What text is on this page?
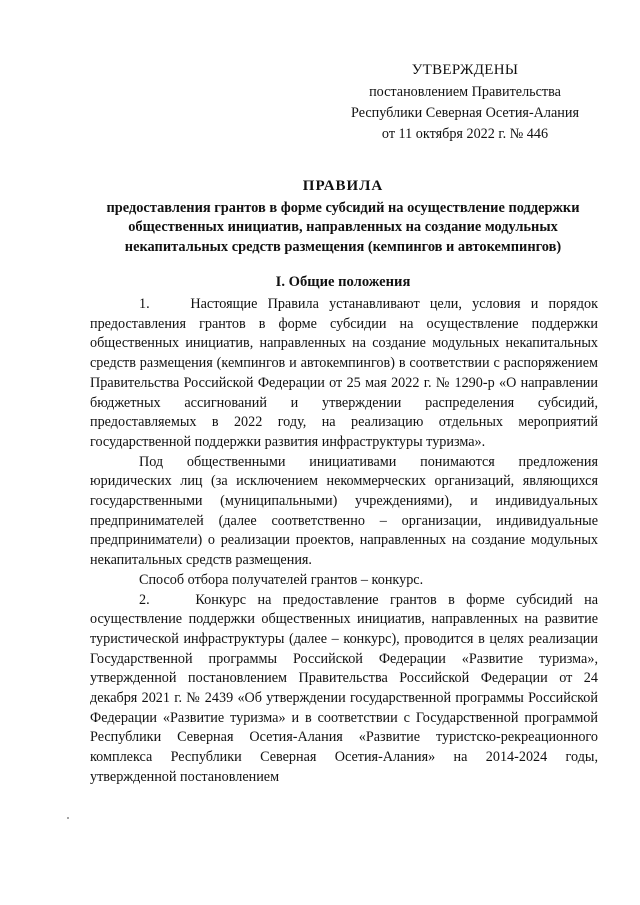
УТВЕРЖДЕНЫ
постановлением Правительства
Республики Северная Осетия-Алания
от 11 октября 2022 г. № 446
ПРАВИЛА
предоставления грантов в форме субсидий на осуществление поддержки общественных инициатив, направленных на создание модульных некапитальных средств размещения (кемпингов и автокемпингов)
I. Общие положения

1.    Настоящие Правила устанавливают цели, условия и порядок предоставления грантов в форме субсидии на осуществление поддержки общественных инициатив, направленных на создание модульных некапитальных средств размещения (кемпингов и автокемпингов) в соответствии с распоряжением Правительства Российской Федерации от 25 мая 2022 г. № 1290-р «О направлении бюджетных ассигнований и утверждении распределения субсидий, предоставляемых в 2022 году, на реализацию отдельных мероприятий государственной поддержки развития инфраструктуры туризма».

Под общественными инициативами понимаются предложения юридических лиц (за исключением некоммерческих организаций, являющихся государственными (муниципальными) учреждениями), и индивидуальных предпринимателей (далее соответственно – организации, индивидуальные предприниматели) о реализации проектов, направленных на создание модульных некапитальных средств размещения.

Способ отбора получателей грантов – конкурс.

2.    Конкурс на предоставление грантов в форме субсидий на осуществление поддержки общественных инициатив, направленных на развитие туристической инфраструктуры (далее – конкурс), проводится в целях реализации Государственной программы Российской Федерации «Развитие туризма», утвержденной постановлением Правительства Российской Федерации от 24 декабря 2021 г. № 2439 «Об утверждении государственной программы Российской Федерации «Развитие туризма» и в соответствии с Государственной программой Республики Северная Осетия-Алания «Развитие туристско-рекреационного комплекса Республики Северная Осетия-Алания» на 2014-2024 годы, утвержденной постановлением
